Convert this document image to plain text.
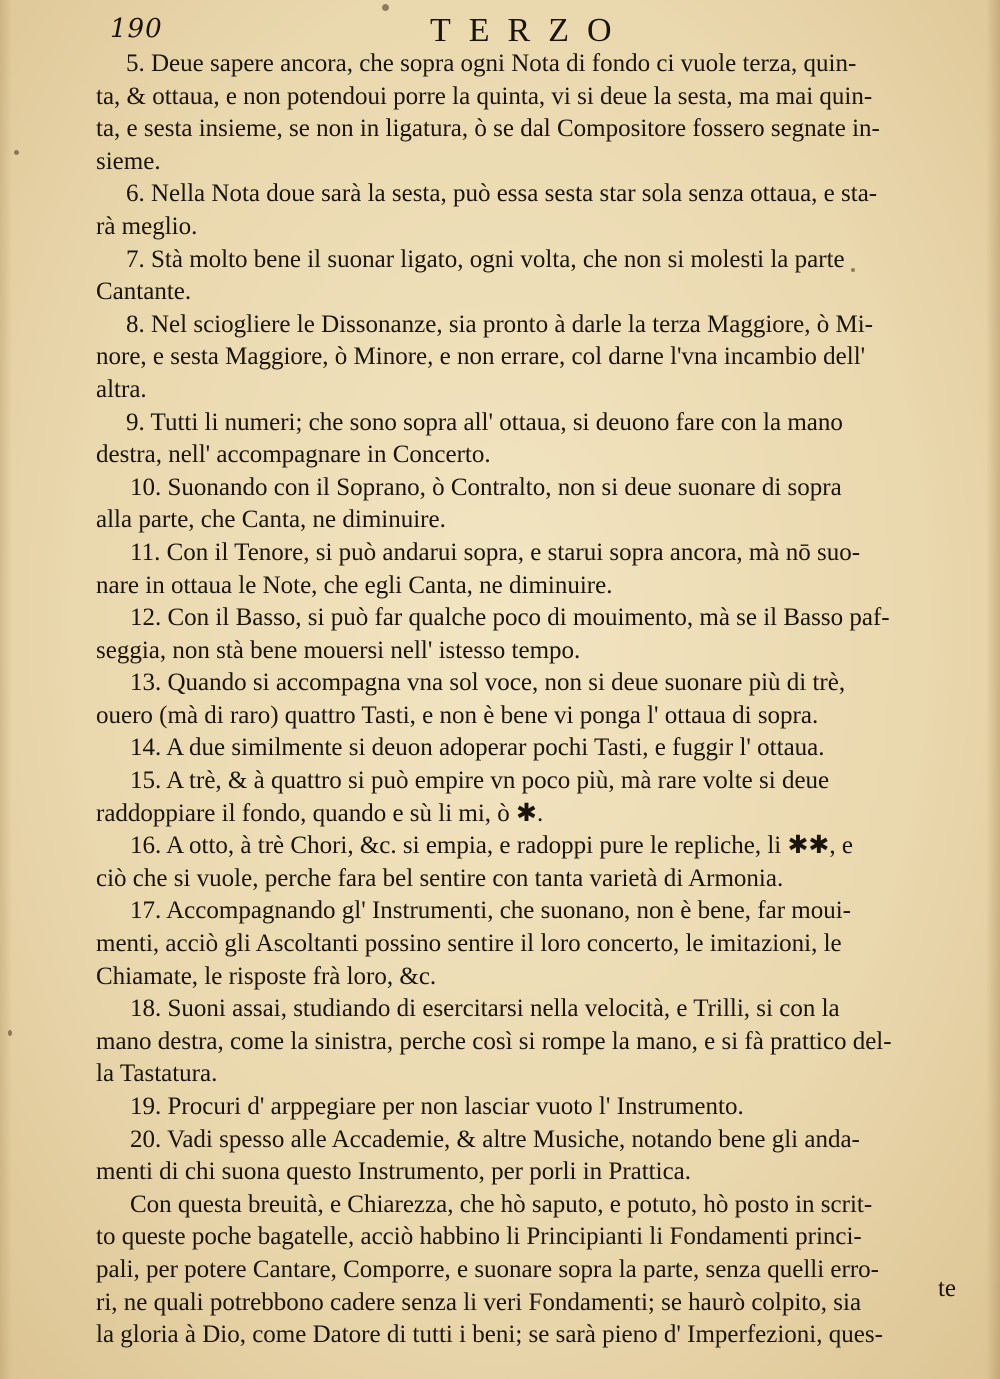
190	TERZO
5. Deue sapere ancora, che sopra ogni Nota di fondo ci vuole terza, quin-
ta, & ottaua, e non potendoui porre la quinta, vi si deue la sesta, ma mai quin-
ta, e sesta insieme, se non in ligatura, ò se dal Compositore fossero segnate in-
sieme.
6. Nella Nota doue sarà la sesta, può essa sesta star sola senza ottaua, e sta-
rà meglio.
7. Stà molto bene il suonar ligato, ogni volta, che non si molesti la parte
Cantante.
8. Nel scioglierе le Dissonanze, sia pronto à darle la terza Maggiore, ò Mi-
nore, e sesta Maggiore, ò Minore, e non errare, col darne l'vna incambio dell'
altra.
9. Tutti li numeri; che sono sopra all' ottaua, si deuono fare con la mano
destra, nell' accompagnare in Concerto.
10. Suonando con il Soprano, ò Contralto, non si deue suonare di sopra
alla parte, che Canta, ne diminuire.
11. Con il Tenore, si può andarui sopra, e starui sopra ancora, mà nō suo-
nare in ottaua le Note, che egli Canta, ne diminuire.
12. Con il Basso, si può far qualche poco di mouimento, mà se il Basso paf-
seggia, non stà bene mouersi nell' istesso tempo.
13. Quando si accompagna vna sol voce, non si deue suonare più di trè,
ouero (mà di raro) quattro Tasti, e non è bene vi ponga l' ottaua di sopra.
14. A due similmente si deuon adoperar pochi Tasti, e fuggir l' ottaua.
15. A trè, & à quattro si può empire vn poco più, mà rare volte si deue
raddoppiare il fondo, quando e sù li mi, ò ✱.
16. A otto, à trè Chori, &c. si empia, e radoppi pure le repliche, li ✱✱, e
ciò che si vuole, perche fara bel sentire con tanta varietà di Armonia.
17. Accompagnando gl' Instrumenti, che suonano, non è bene, far moui-
menti, acciò gli Ascoltanti possino sentire il loro concerto, le imitazioni, le
Chiamate, le risposte frà loro, &c.
18. Suoni assai, studiando di esercitarsi nella velocità, e Trilli, si con la
mano destra, come la sinistra, perche così si rompe la mano, e si fà prattico del-
la Tastatura.
19. Procuri d' arppegiare per non lasciar vuoto l' Instrumento.
20. Vadi spesso alle Accademie, & altre Musiche, notando bene gli anda-
menti di chi suona questo Instrumento, per porli in Prattica.
Con questa breuità, e Chiarezza, che hò saputo, e potuto, hò posto in scrit-
to queste poche bagatelle, acciò habbino li Principianti li Fondamenti princi-
pali, per potere Cantare, Comporre, e suonare sopra la parte, senza quelli erro-
ri, ne quali potrebbono cadere senza li veri Fondamenti; se haurò colpito, sia
la gloria à Dio, come Datore di tutti i beni; se sarà pieno d' Imperfezioni, ques-
te
